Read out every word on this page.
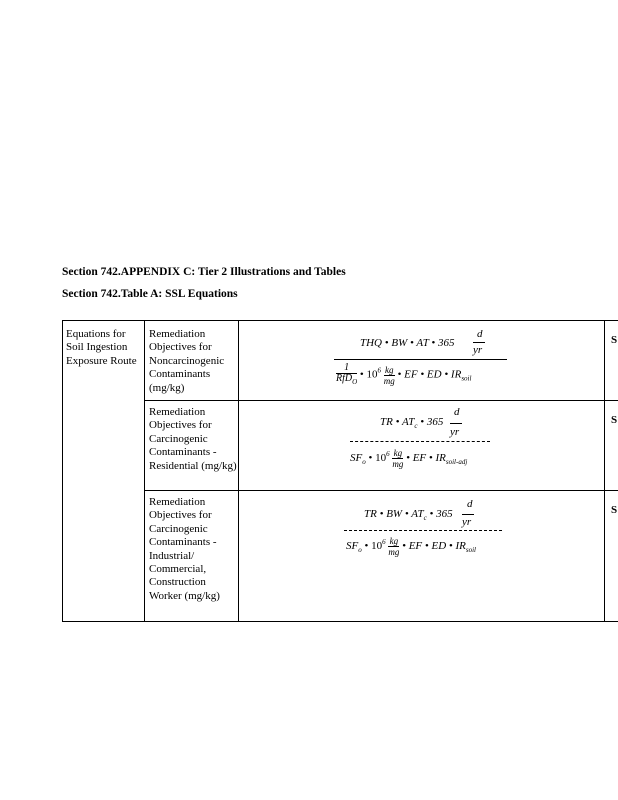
Section 742.APPENDIX C: Tier 2 Illustrations and Tables
Section 742.Table A: SSL Equations
Equations for Soil Ingestion Exposure Route
Remediation Objectives for Noncarcinogenic Contaminants (mg/kg)
Remediation Objectives for Carcinogenic Contaminants - Residential (mg/kg)
Remediation Objectives for Carcinogenic Contaminants - Industrial/ Commercial, Construction Worker (mg/kg)
THQ • BW • AT • 365
d
yr
$\frac{1}{RfD_O}$ • $10^6 \frac{kg}{mg}$ • EF • ED • $IR_{soil}$
TR • $AT_c$ • 365
d
yr
$SF_o$ • $10^6 \frac{kg}{mg}$ • EF • $IR_{soil-adj}$
TR • BW • $AT_c$ • 365
d
yr
$SF_o$ • $10^6 \frac{kg}{mg}$ • EF • ED • $IR_{soil}$
S
S
S
